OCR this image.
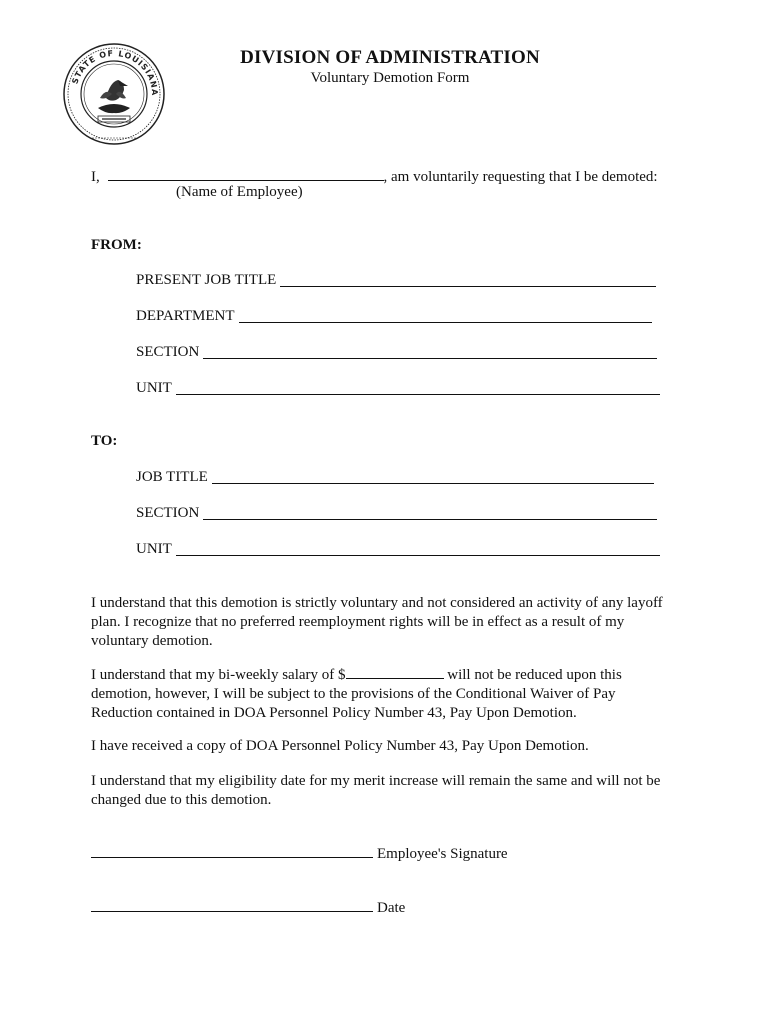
STATE OF LOUISIANA
DIVISION OF ADMINISTRATION
Voluntary Demotion Form
I,	, am voluntarily requesting that I be demoted:
(Name of Employee)
FROM:
PRESENT JOB TITLE
DEPARTMENT
SECTION
UNIT
TO:
JOB TITLE
SECTION
UNIT
I understand that this demotion is strictly voluntary and not considered an activity of any layoff
plan. I recognize that no preferred reemployment rights will be in effect as a result of my
voluntary demotion.
I understand that my bi-weekly salary of $	will not be reduced upon this
demotion, however, I will be subject to the provisions of the Conditional Waiver of Pay
Reduction contained in DOA Personnel Policy Number 43, Pay Upon Demotion.
I have received a copy of DOA Personnel Policy Number 43, Pay Upon Demotion.
I understand that my eligibility date for my merit increase will remain the same and will not be
changed due to this demotion.
Employee's Signature
Date
